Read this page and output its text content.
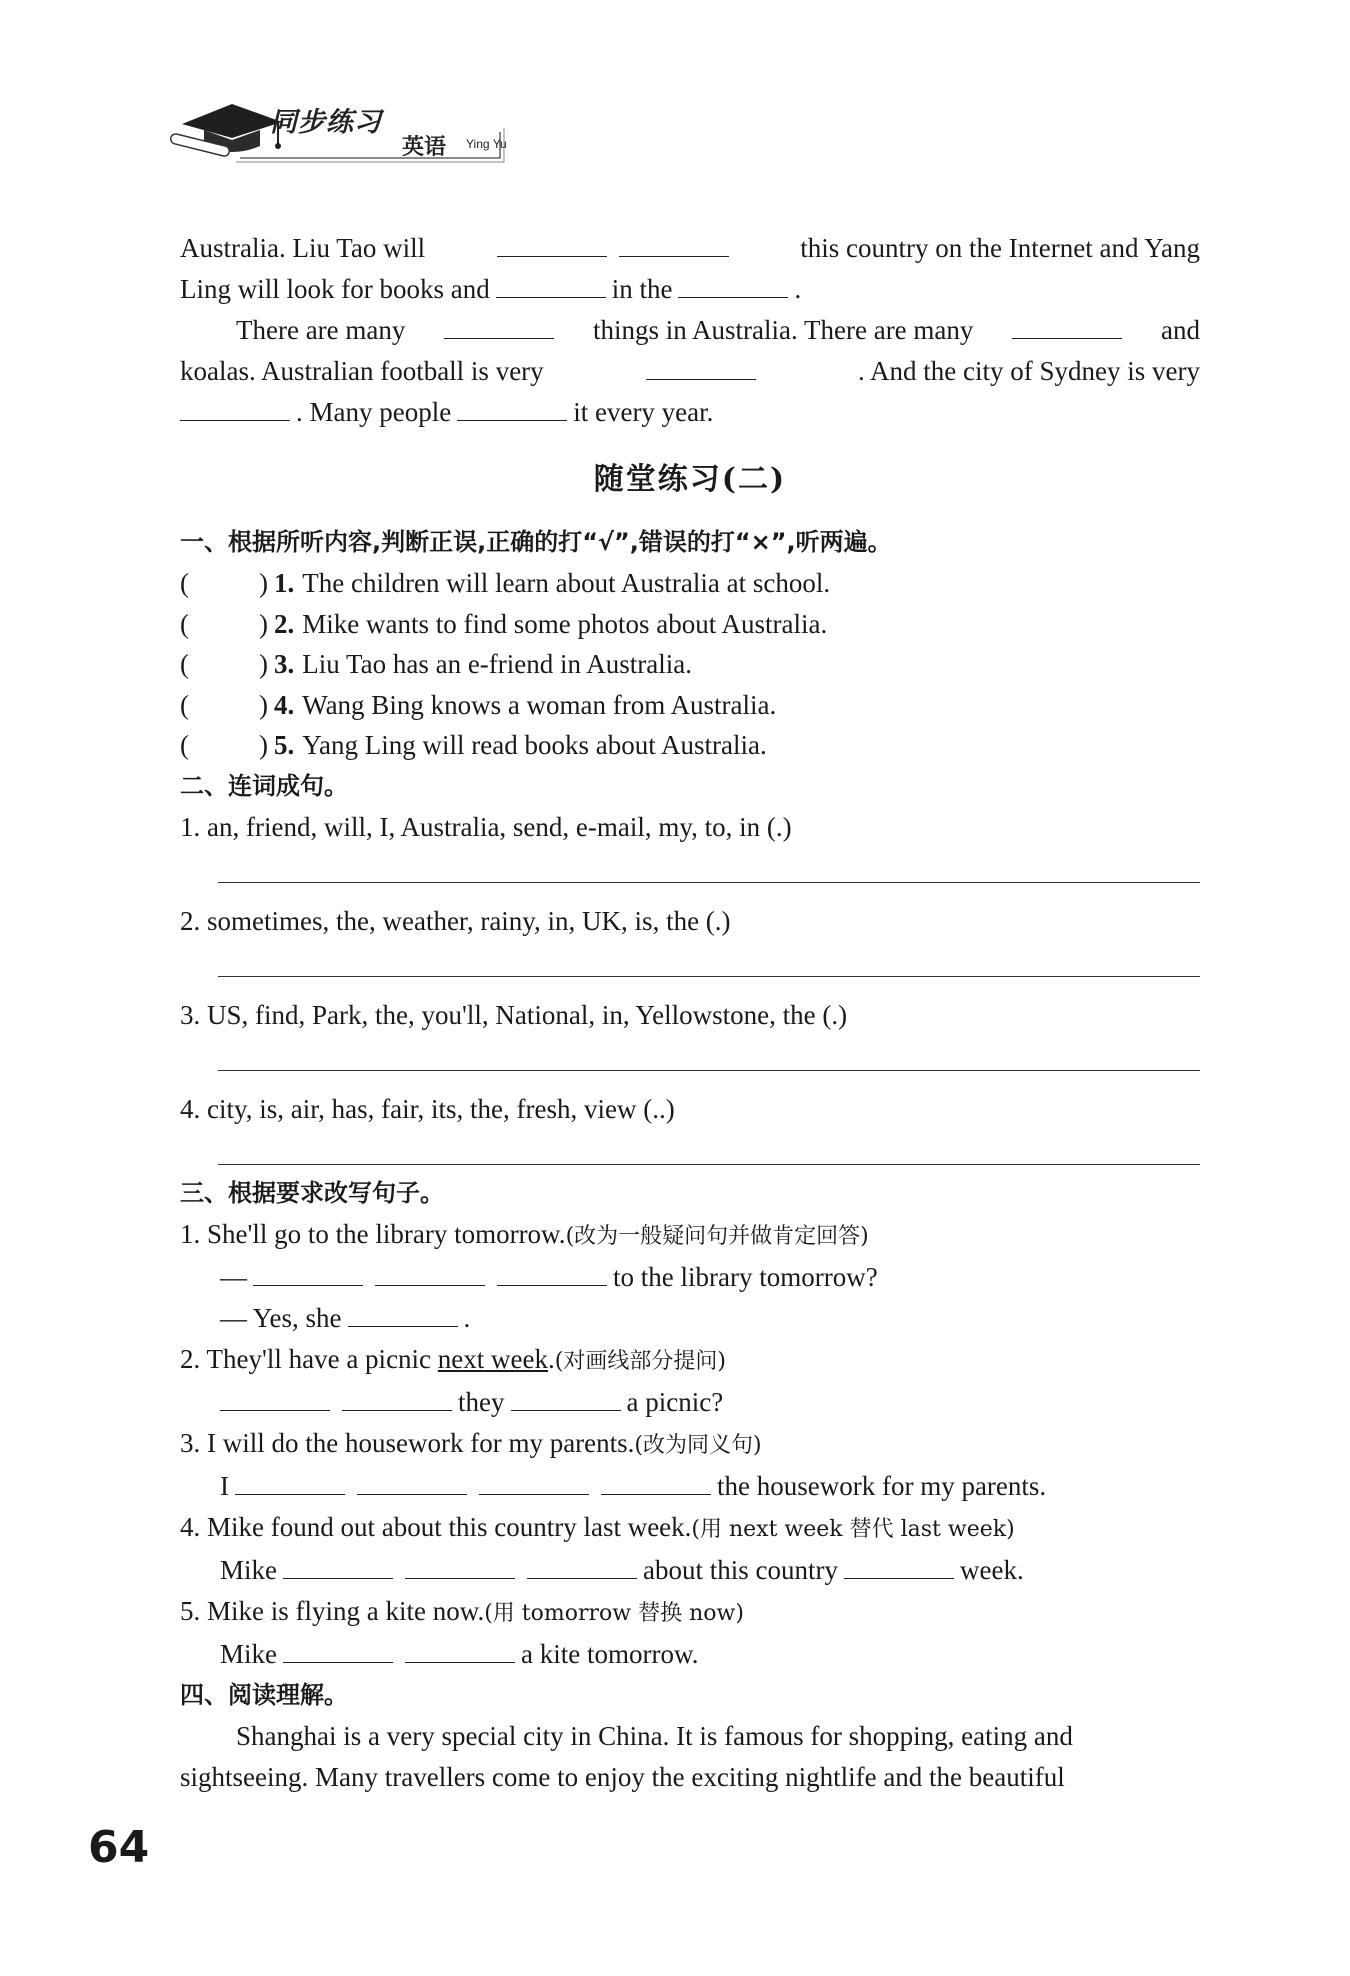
同步练习
英语 Ying Yu
Australia. Liu Tao will	this country on the Internet and Yang
Ling will look for books and	in the	.
There are many	things in Australia. There are many	and
koalas. Australian football is very	. And the city of Sydney is very
. Many people	it every year.
随堂练习(二)
一、根据所听内容,判断正误,正确的打“√”,错误的打“×”,听两遍。
(	) 1. The children will learn about Australia at school.
(	) 2. Mike wants to find some photos about Australia.
(	) 3. Liu Tao has an e-friend in Australia.
(	) 4. Wang Bing knows a woman from Australia.
(	) 5. Yang Ling will read books about Australia.
二、连词成句。
1. an, friend, will, I, Australia, send, e-mail, my, to, in (.)
2. sometimes, the, weather, rainy, in, UK, is, the (.)
3. US, find, Park, the, you'll, National, in, Yellowstone, the (.)
4. city, is, air, has, fair, its, the, fresh, view (..)
三、根据要求改写句子。
1. She'll go to the library tomorrow.(改为一般疑问句并做肯定回答)
—	to the library tomorrow?
— Yes, she	.
2. They'll have a picnic next week.(对画线部分提问)
they	a picnic?
3. I will do the housework for my parents.(改为同义句)
I	the housework for my parents.
4. Mike found out about this country last week.(用 next week 替代 last week)
Mike	about this country	week.
5. Mike is flying a kite now.(用 tomorrow 替换 now)
Mike	a kite tomorrow.
四、阅读理解。
Shanghai is a very special city in China. It is famous for shopping, eating and
sightseeing. Many travellers come to enjoy the exciting nightlife and the beautiful
64
